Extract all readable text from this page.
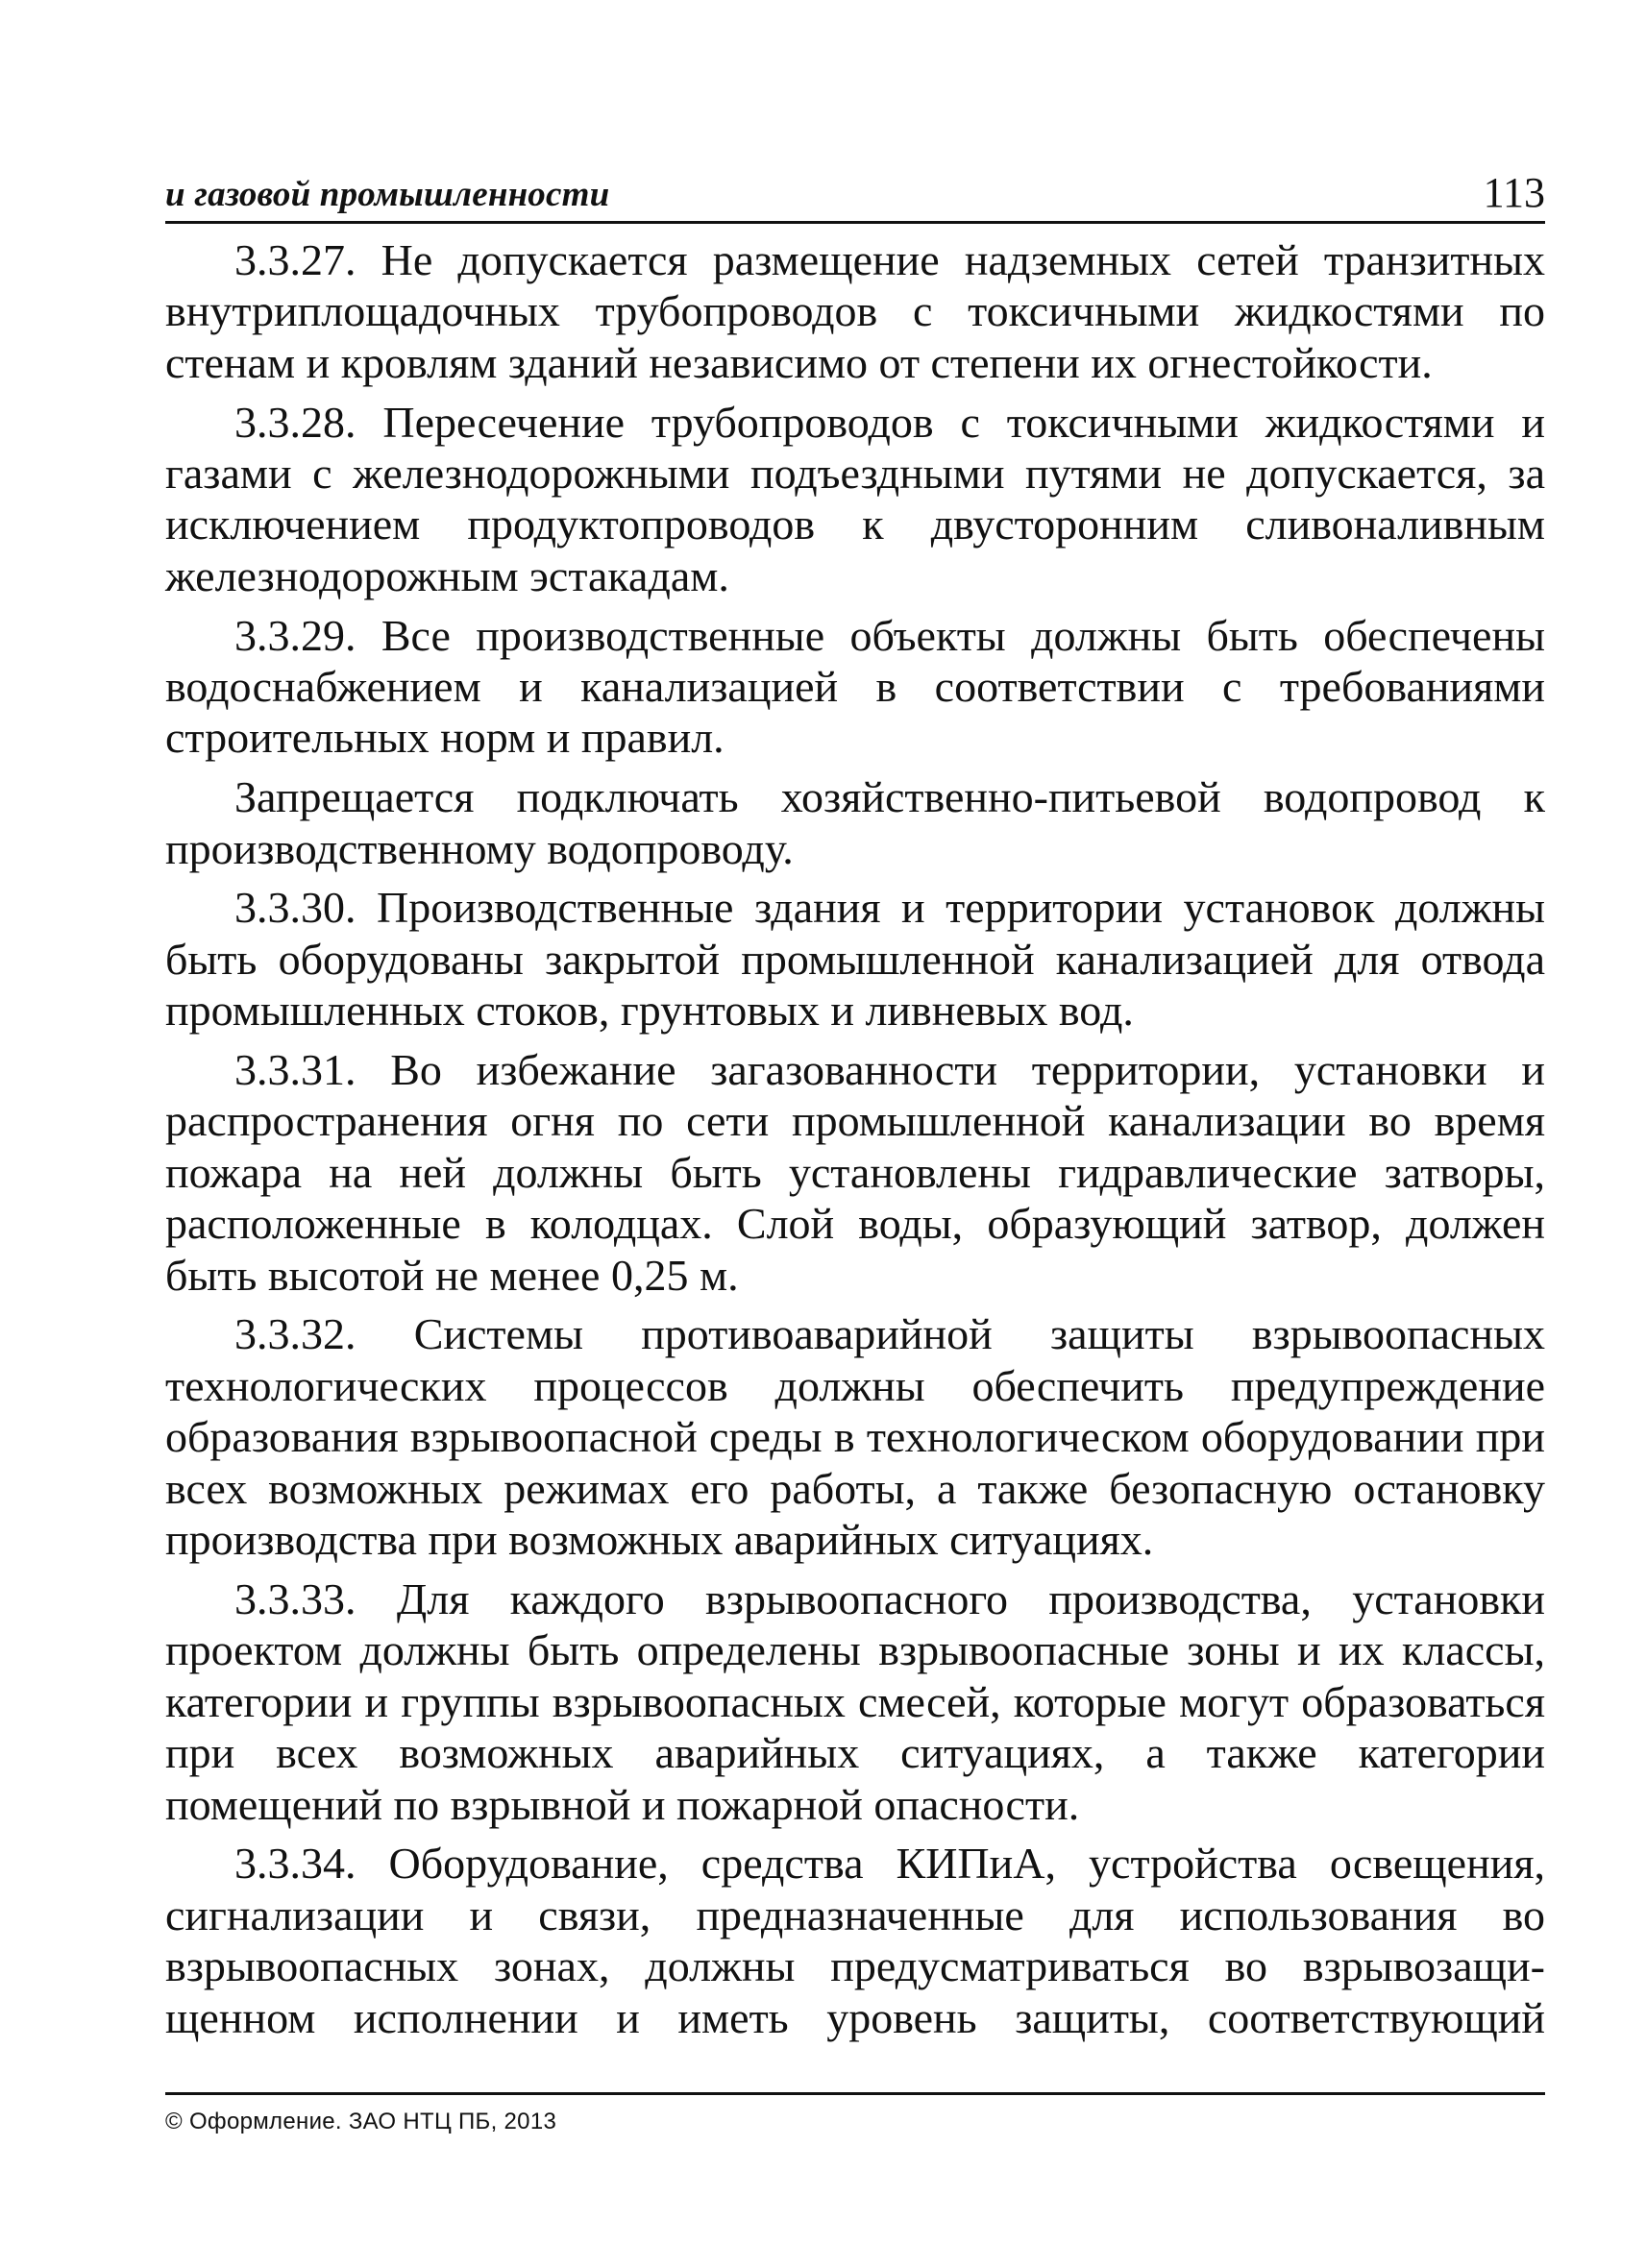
и газовой промышленности	113

3.3.27. Не допускается размещение надземных сетей транзитных внутриплощадочных трубопроводов с токсичными жидкостями по стенам и кровлям зданий независимо от степени их огнестойкости.

3.3.28. Пересечение трубопроводов с токсичными жидкостями и газами с железнодорожными подъездными путями не допускается, за исключением продуктопроводов к двусторонним сливоналивным железнодорожным эстакадам.

3.3.29. Все производственные объекты должны быть обеспечены водоснабжением и канализацией в соответствии с требованиями строительных норм и правил.

Запрещается подключать хозяйственно-питьевой водопровод к производственному водопроводу.

3.3.30. Производственные здания и территории установок должны быть оборудованы закрытой промышленной канализацией для отвода промышленных стоков, грунтовых и ливневых вод.

3.3.31. Во избежание загазованности территории, установки и распространения огня по сети промышленной канализации во время пожара на ней должны быть установлены гидравлические затворы, расположенные в колодцах. Слой воды, образующий затвор, должен быть высотой не менее 0,25 м.

3.3.32. Системы противоаварийной защиты взрывоопасных технологических процессов должны обеспечить предупреждение образования взрывоопасной среды в технологическом оборудовании при всех возможных режимах его работы, а также безопасную остановку производства при возможных аварийных ситуациях.

3.3.33. Для каждого взрывоопасного производства, установки проектом должны быть определены взрывоопасные зоны и их классы, категории и группы взрывоопасных смесей, которые могут образоваться при всех возможных аварийных ситуациях, а также категории помещений по взрывной и пожарной опасности.

3.3.34. Оборудование, средства КИПиА, устройства освещения, сигнализации и связи, предназначенные для использования во взрывоопасных зонах, должны предусматриваться во взрывозащищенном исполнении и иметь уровень защиты, соответствующий

© Оформление. ЗАО НТЦ ПБ, 2013
